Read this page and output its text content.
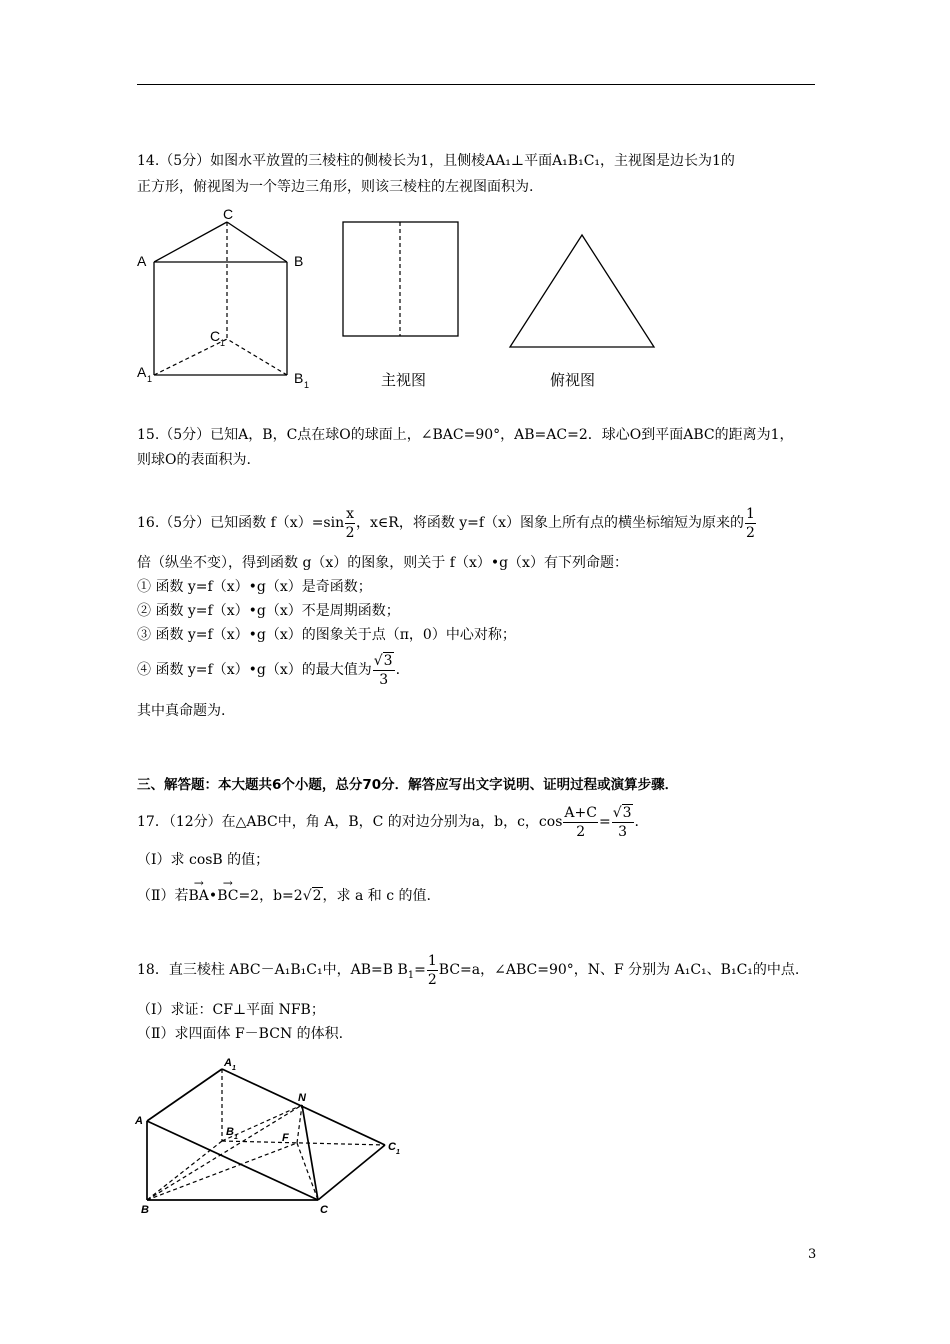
14.（5分）如图水平放置的三棱柱的侧棱长为1，且侧棱AA₁⊥平面A₁B₁C₁，主视图是边长为1的
正方形，俯视图为一个等边三角形，则该三棱柱的左视图面积为.
C
A	B
C 1
A 1	B 1	主视图	俯视图
15.（5分）已知A，B，C点在球O的球面上，∠BAC=90°，AB=AC=2．球心O到平面ABC的距离为1，
则球O的表面积为.
16.（5分）已知函数 $f(x)=\sin \frac{x}{2}$ ，x∈R，将函数 y=f（x）图象上所有点的横坐标缩短为原来的 $\frac{1}{2}$
倍（纵坐不变），得到函数 g（x）的图象，则关于 f（x）•g（x）有下列命题：
① 函数 y=f（x）•g（x）是奇函数；
② 函数 y=f（x）•g（x）不是周期函数；
③ 函数 y=f（x）•g（x）的图象关于点（π，0）中心对称；
④ 函数 y=f（x）•g（x）的最大值为 $\frac{√3}{3}$ .
其中真命题为.
三、解答题：本大题共6个小题，总分70分．解答应写出文字说明、证明过程或演算步骤．
17．（12分）在△ABC中，角 A，B，C 的对边分别为a，b，c，$\cos \frac{A+C}{2} = \frac{√3}{3}$ .
（Ⅰ）求 cosB 的值；
（Ⅱ）若→ BA•→ BC=2，b=2√2，求 a 和 c 的值.
18．直三棱柱 ABC－A₁B₁C₁中，AB=B $B_1= \frac{1}{2} BC=a$，∠ABC=90°，N、F 分别为 A₁C₁、B₁C₁的中点.
（Ⅰ）求证：CF⊥平面 NFB；
（Ⅱ）求四面体 F－BCN 的体积.
A
A 1
B 1	F
N
C 1
B	C
3
